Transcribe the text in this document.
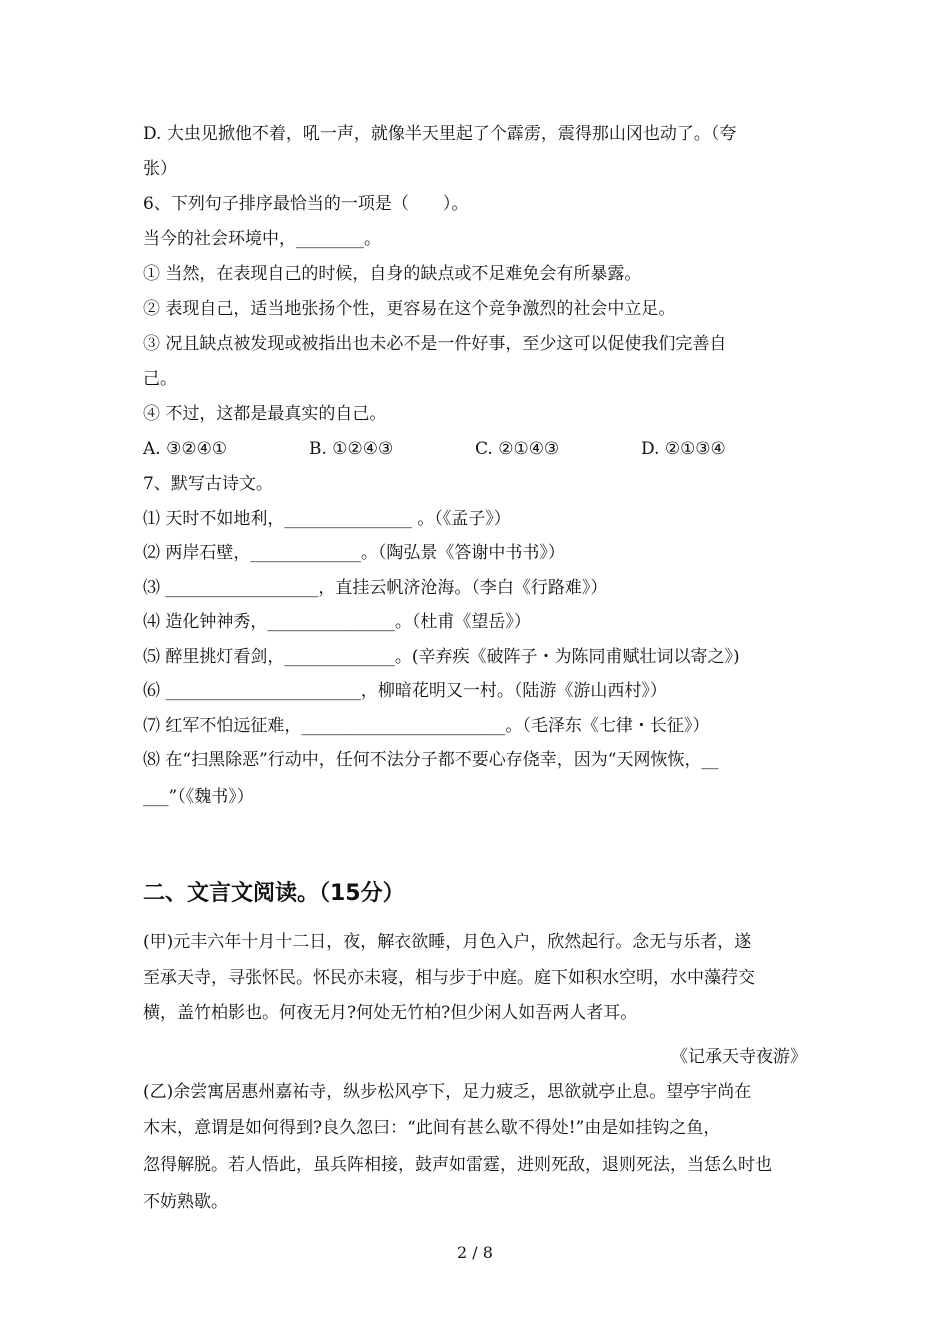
D. 大虫见掀他不着，吼一声，就像半天里起了个霹雳，震得那山冈也动了。（夸
张）
6、下列句子排序最恰当的一项是（　　）。
当今的社会环境中，________。
① 当然，在表现自己的时候，自身的缺点或不足难免会有所暴露。
② 表现自己，适当地张扬个性，更容易在这个竞争激烈的社会中立足。
③ 况且缺点被发现或被指出也未必不是一件好事，至少这可以促使我们完善自
己。
④ 不过，这都是最真实的自己。
A. ③②④①	B. ①②④③	C. ②①④③	D. ②①③④
7、默写古诗文。
⑴ 天时不如地利，_______________ 。（《孟子》）
⑵ 两岸石壁，_____________。（陶弘景《答谢中书书》）
⑶ __________________，直挂云帆济沧海。（李白《行路难》）
⑷ 造化钟神秀，_______________。（杜甫《望岳》）
⑸ 醉里挑灯看剑，_____________。(辛弃疾《破阵子・为陈同甫赋壮词以寄之》)
⑹ _______________________，柳暗花明又一村。（陆游《游山西村》）
⑺ 红军不怕远征难，________________________。（毛泽东《七律・长征》）
⑻ 在“扫黑除恶”行动中，任何不法分子都不要心存侥幸，因为“天网恢恢，__
___”（《魏书》）
二、文言文阅读。（15分）
(甲)元丰六年十月十二日，夜，解衣欲睡，月色入户，欣然起行。念无与乐者，遂
至承天寺，寻张怀民。怀民亦未寝，相与步于中庭。庭下如积水空明，水中藻荇交
横，盖竹柏影也。何夜无月?何处无竹柏?但少闲人如吾两人者耳。
《记承天寺夜游》
(乙)余尝寓居惠州嘉祐寺，纵步松风亭下，足力疲乏，思欲就亭止息。望亭宇尚在
木末，意谓是如何得到?良久忽曰：“此间有甚么歇不得处!”由是如挂钩之鱼，
忽得解脱。若人悟此，虽兵阵相接，鼓声如雷霆，进则死敌，退则死法，当恁么时也
不妨熟歇。
2 / 8
